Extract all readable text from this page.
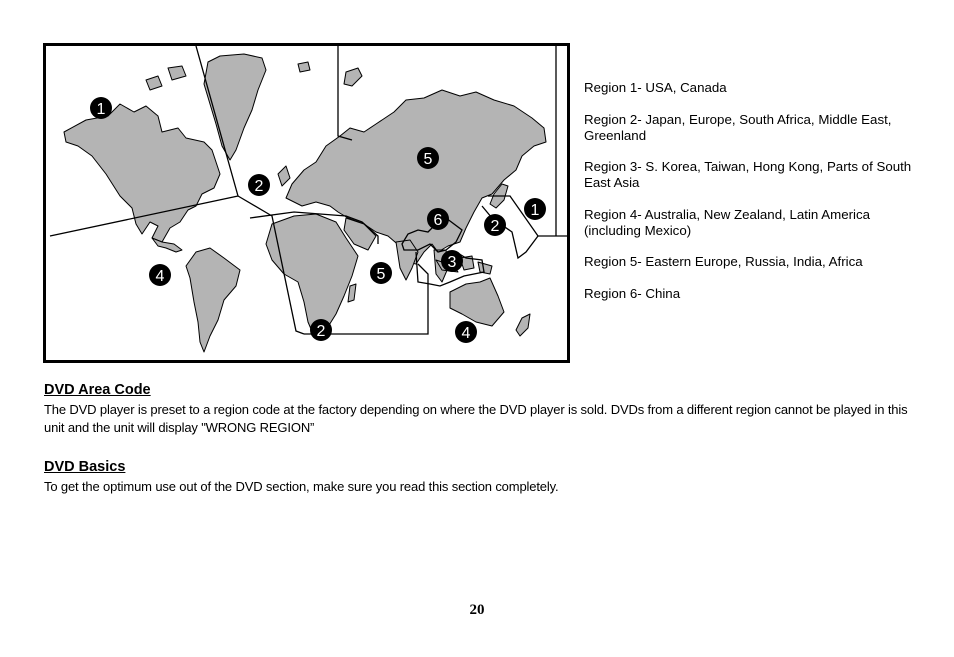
1
2
5
6	2
1
4	5
3
2	4

Region 1- USA, Canada

Region 2- Japan, Europe, South Africa, Middle East, Greenland

Region 3- S. Korea, Taiwan, Hong Kong, Parts of South East Asia

Region 4- Australia, New Zealand, Latin America (including Mexico)

Region 5- Eastern Europe, Russia, India, Africa

Region 6- China

DVD Area Code

The DVD player is preset to a region code at the factory depending on where the DVD player is sold. DVDs from a different region cannot be played in this unit and the unit will display "WRONG REGION”

DVD Basics

To get the optimum use out of the DVD section, make sure you read this section completely.

20
